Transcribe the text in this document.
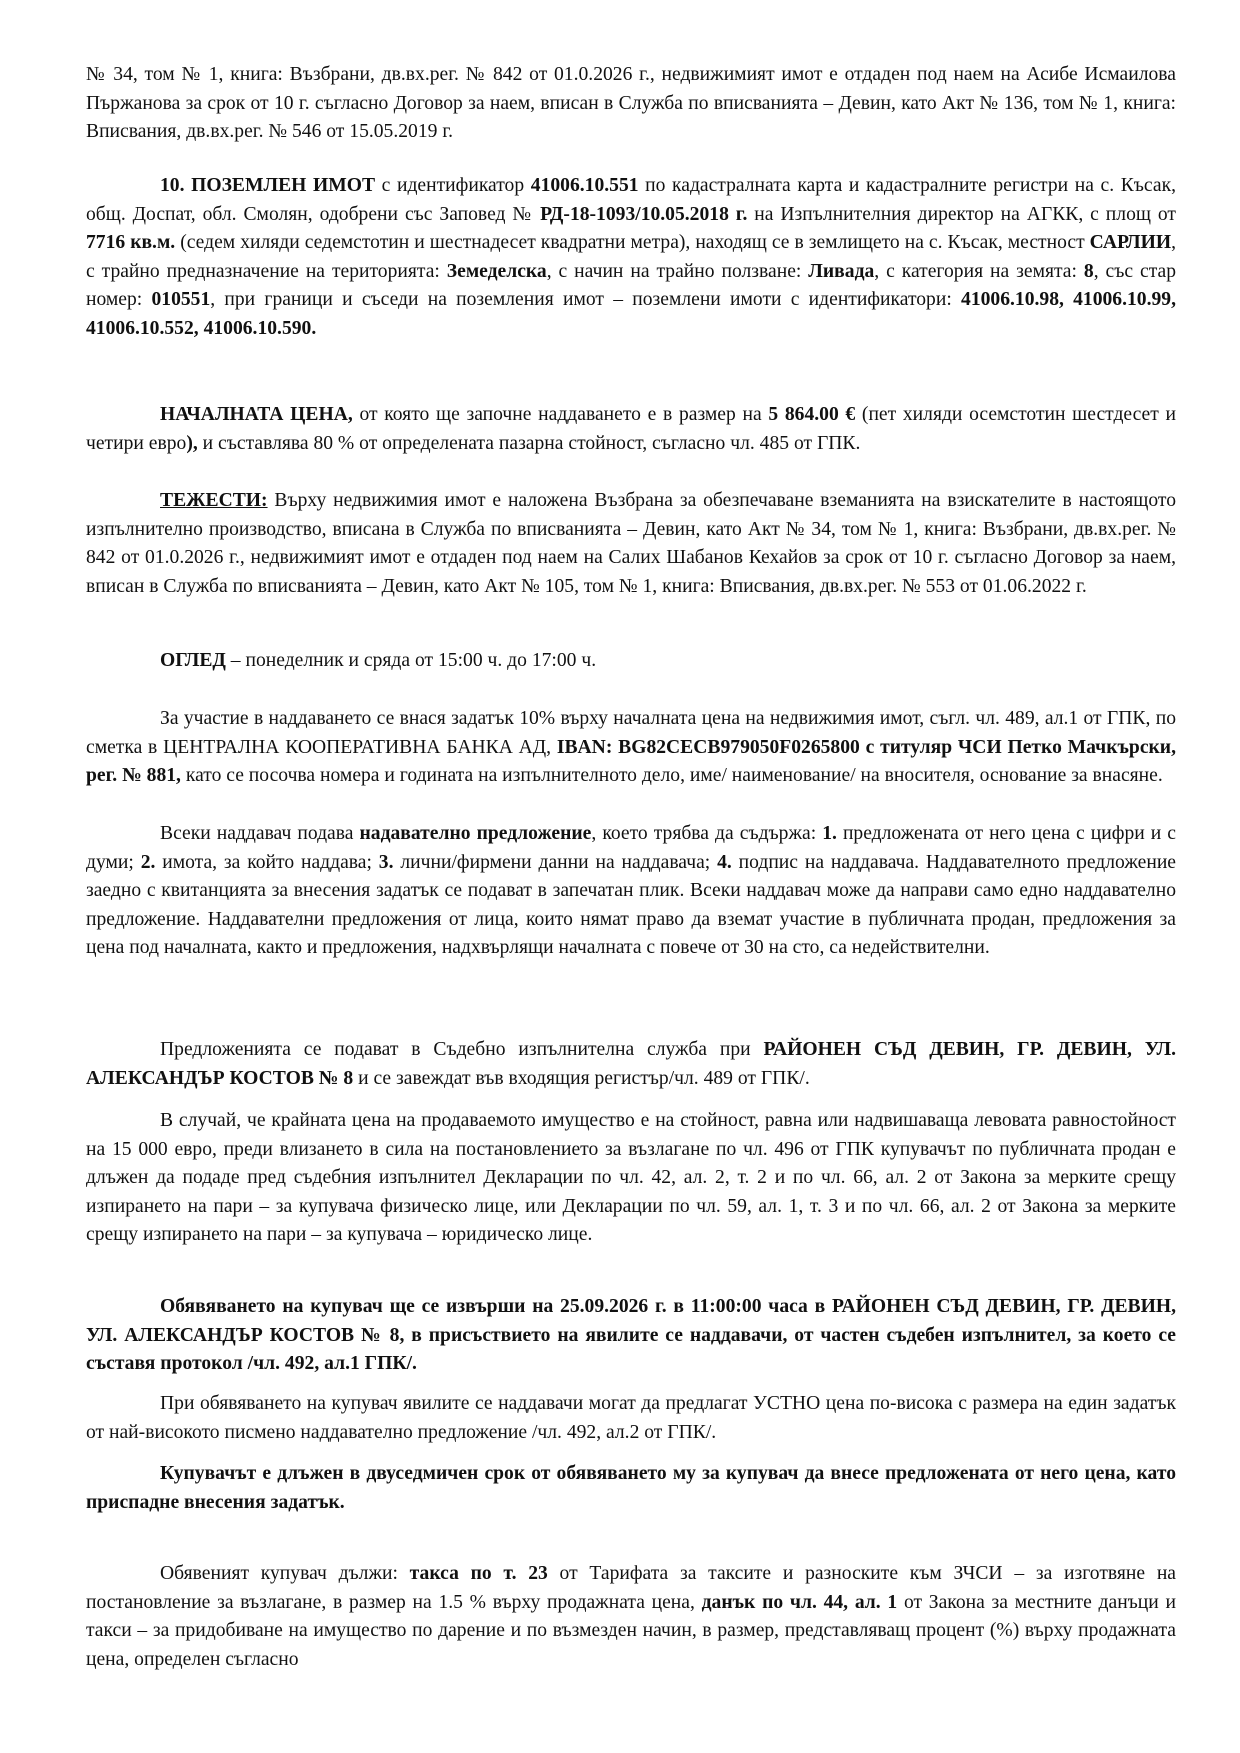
№ 34, том № 1, книга: Възбрани, дв.вх.рег. № 842 от 01.0.2026 г., недвижимият имот е отдаден под наем на Асибе Исмаилова Пържанова за срок от 10 г. съгласно Договор за наем, вписан в Служба по вписванията – Девин, като Акт № 136, том № 1, книга: Вписвания, дв.вх.рег. № 546 от 15.05.2019 г.

10. ПОЗЕМЛЕН ИМОТ с идентификатор 41006.10.551 по кадастралната карта и кадастралните регистри на с. Късак, общ. Доспат, обл. Смолян, одобрени със Заповед № РД-18-1093/10.05.2018 г. на Изпълнителния директор на АГКК, с площ от 7716 кв.м. (седем хиляди седемстотин и шестнадесет квадратни метра), находящ се в землището на с. Късак, местност САРЛИИ, с трайно предназначение на територията: Земеделска, с начин на трайно ползване: Ливада, с категория на земята: 8, със стар номер: 010551, при граници и съседи на поземления имот – поземлени имоти с идентификатори: 41006.10.98, 41006.10.99, 41006.10.552, 41006.10.590.

НАЧАЛНАТА ЦЕНА, от която ще започне наддаването е в размер на 5 864.00 € (пет хиляди осемстотин шестдесет и четири евро), и съставлява 80 % от определената пазарна стойност, съгласно чл. 485 от ГПК.

ТЕЖЕСТИ: Върху недвижимия имот е наложена Възбрана за обезпечаване вземанията на взискателите в настоящото изпълнително производство, вписана в Служба по вписванията – Девин, като Акт № 34, том № 1, книга: Възбрани, дв.вх.рег. № 842 от 01.0.2026 г., недвижимият имот е отдаден под наем на Салих Шабанов Кехайов за срок от 10 г. съгласно Договор за наем, вписан в Служба по вписванията – Девин, като Акт № 105, том № 1, книга: Вписвания, дв.вх.рег. № 553 от 01.06.2022 г.

ОГЛЕД – понеделник и сряда от 15:00 ч. до 17:00 ч.

За участие в наддаването се внася задатък 10% върху началната цена на недвижимия имот, съгл. чл. 489, ал.1 от ГПК, по сметка в ЦЕНТРАЛНА КООПЕРАТИВНА БАНКА АД, IBAN: BG82CECB979050F0265800 с титуляр ЧСИ Петко Мачкърски, рег. № 881, като се посочва номера и годината на изпълнителното дело, име/ наименование/ на вносителя, основание за внасяне.

Всеки наддавач подава надавателно предложение, което трябва да съдържа: 1. предложената от него цена с цифри и с думи; 2. имота, за който наддава; 3. лични/фирмени данни на наддавача; 4. подпис на наддавача. Наддавателното предложение заедно с квитанцията за внесения задатък се подават в запечатан плик. Всеки наддавач може да направи само едно наддавателно предложение. Наддавателни предложения от лица, които нямат право да вземат участие в публичната продан, предложения за цена под началната, както и предложения, надхвърлящи началната с повече от 30 на сто, са недействителни.

Предложенията се подават в Съдебно изпълнителна служба при РАЙОНЕН СЪД ДЕВИН, ГР. ДЕВИН, УЛ. АЛЕКСАНДЪР КОСТОВ № 8 и се завеждат във входящия регистър/чл. 489 от ГПК/.

В случай, че крайната цена на продаваемото имущество е на стойност, равна или надвишаваща левовата равностойност на 15 000 евро, преди влизането в сила на постановлението за възлагане по чл. 496 от ГПК купувачът по публичната продан е длъжен да подаде пред съдебния изпълнител Декларации по чл. 42, ал. 2, т. 2 и по чл. 66, ал. 2 от Закона за мерките срещу изпирането на пари – за купувача физическо лице, или Декларации по чл. 59, ал. 1, т. 3 и по чл. 66, ал. 2 от Закона за мерките срещу изпирането на пари – за купувача – юридическо лице.

Обявяването на купувач ще се извърши на 25.09.2026 г. в 11:00:00 часа в РАЙОНЕН СЪД ДЕВИН, ГР. ДЕВИН, УЛ. АЛЕКСАНДЪР КОСТОВ № 8, в присъствието на явилите се наддавачи, от частен съдебен изпълнител, за което се съставя протокол /чл. 492, ал.1 ГПК/.

При обявяването на купувач явилите се наддавачи могат да предлагат УСТНО цена по-висока с размера на един задатък от най-високото писмено наддавателно предложение /чл. 492, ал.2 от ГПК/.

Купувачът е длъжен в двуседмичен срок от обявяването му за купувач да внесе предложената от него цена, като приспадне внесения задатък.

Обявеният купувач дължи: такса по т. 23 от Тарифата за таксите и разноските към ЗЧСИ – за изготвяне на постановление за възлагане, в размер на 1.5 % върху продажната цена, данък по чл. 44, ал. 1 от Закона за местните данъци и такси – за придобиване на имущество по дарение и по възмезден начин, в размер, представляващ процент (%) върху продажната цена, определен съгласно
